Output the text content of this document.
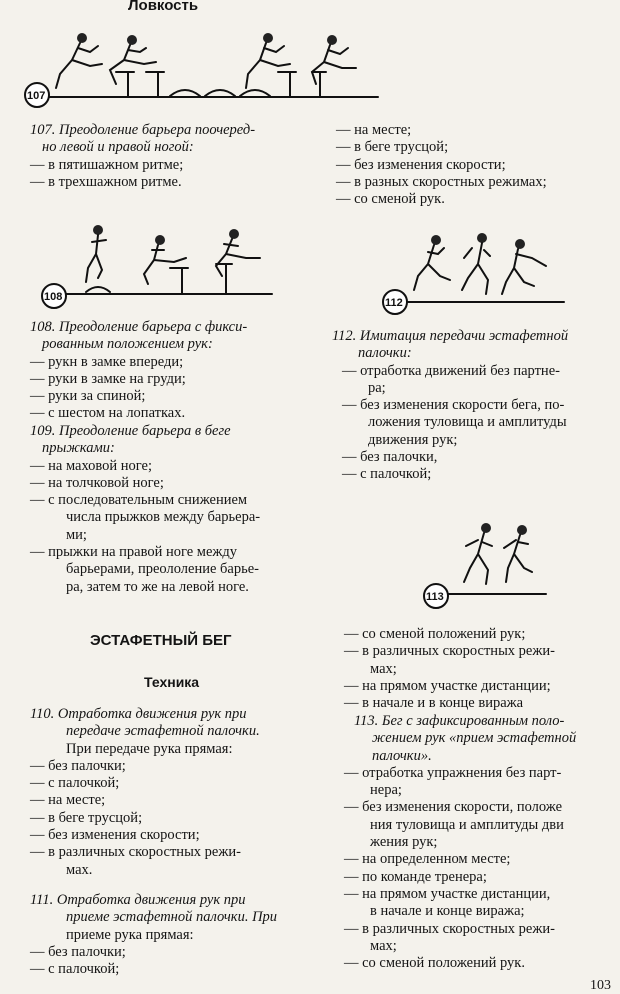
Ловкость
107
107. Преодоление барьера поочеред-
но левой и правой ногой:
— в пятишажном ритме;
— в трехшажном ритме.
— на месте;
— в беге трусцой;
— без изменения скорости;
— в разных скоростных режимах;
— со сменой рук.
108	112
108. Преодоление барьера с фикси-
рованным положением рук:
— рукн в замке впереди;
— руки в замке на груди;
— руки за спиной;
— с шестом на лопатках.
109. Преодоление барьера в беге
прыжками:
— на маховой ноге;
— на толчковой ноге;
— с последовательным снижением
числа прыжков между барьера-
ми;
— прыжки на правой ноге между
барьерами, преололение барье-
ра, затем то же на левой ноге.
112. Имитация передачи эстафетной
палочки:
— отработка движений без партне-
ра;
— без изменения скорости бега, по-
ложения туловища и амплитуды
движения рук;
— без палочки,
— с палочкой;
113
ЭСТАФЕТНЫЙ БЕГ
Техника
110. Отработка движения рук при
передаче эстафетной палочки.
При передаче рука прямая:
— без палочки;
— с палочкой;
— на месте;
— в беге трусцой;
— без изменения скорости;
— в различных скоростных режи-
мах.
111. Отработка движения рук при
приеме эстафетной палочки. При
приеме рука прямая:
— без палочки;
— с палочкой;
— со сменой положений рук;
— в различных скоростных режи-
мах;
— на прямом участке дистанции;
— в начале и в конце виража
113. Бег с зафиксированным поло-
жением рук «прием эстафетной
палочки».
— отработка упражнения без парт-
нера;
— без изменения скорости, положе
ния туловища и амплитуды дви
жения рук;
— на определенном месте;
— по команде тренера;
— на прямом участке дистанции,
в начале и конце виража;
— в различных скоростных режи-
мах;
— со сменой положений рук.
103
